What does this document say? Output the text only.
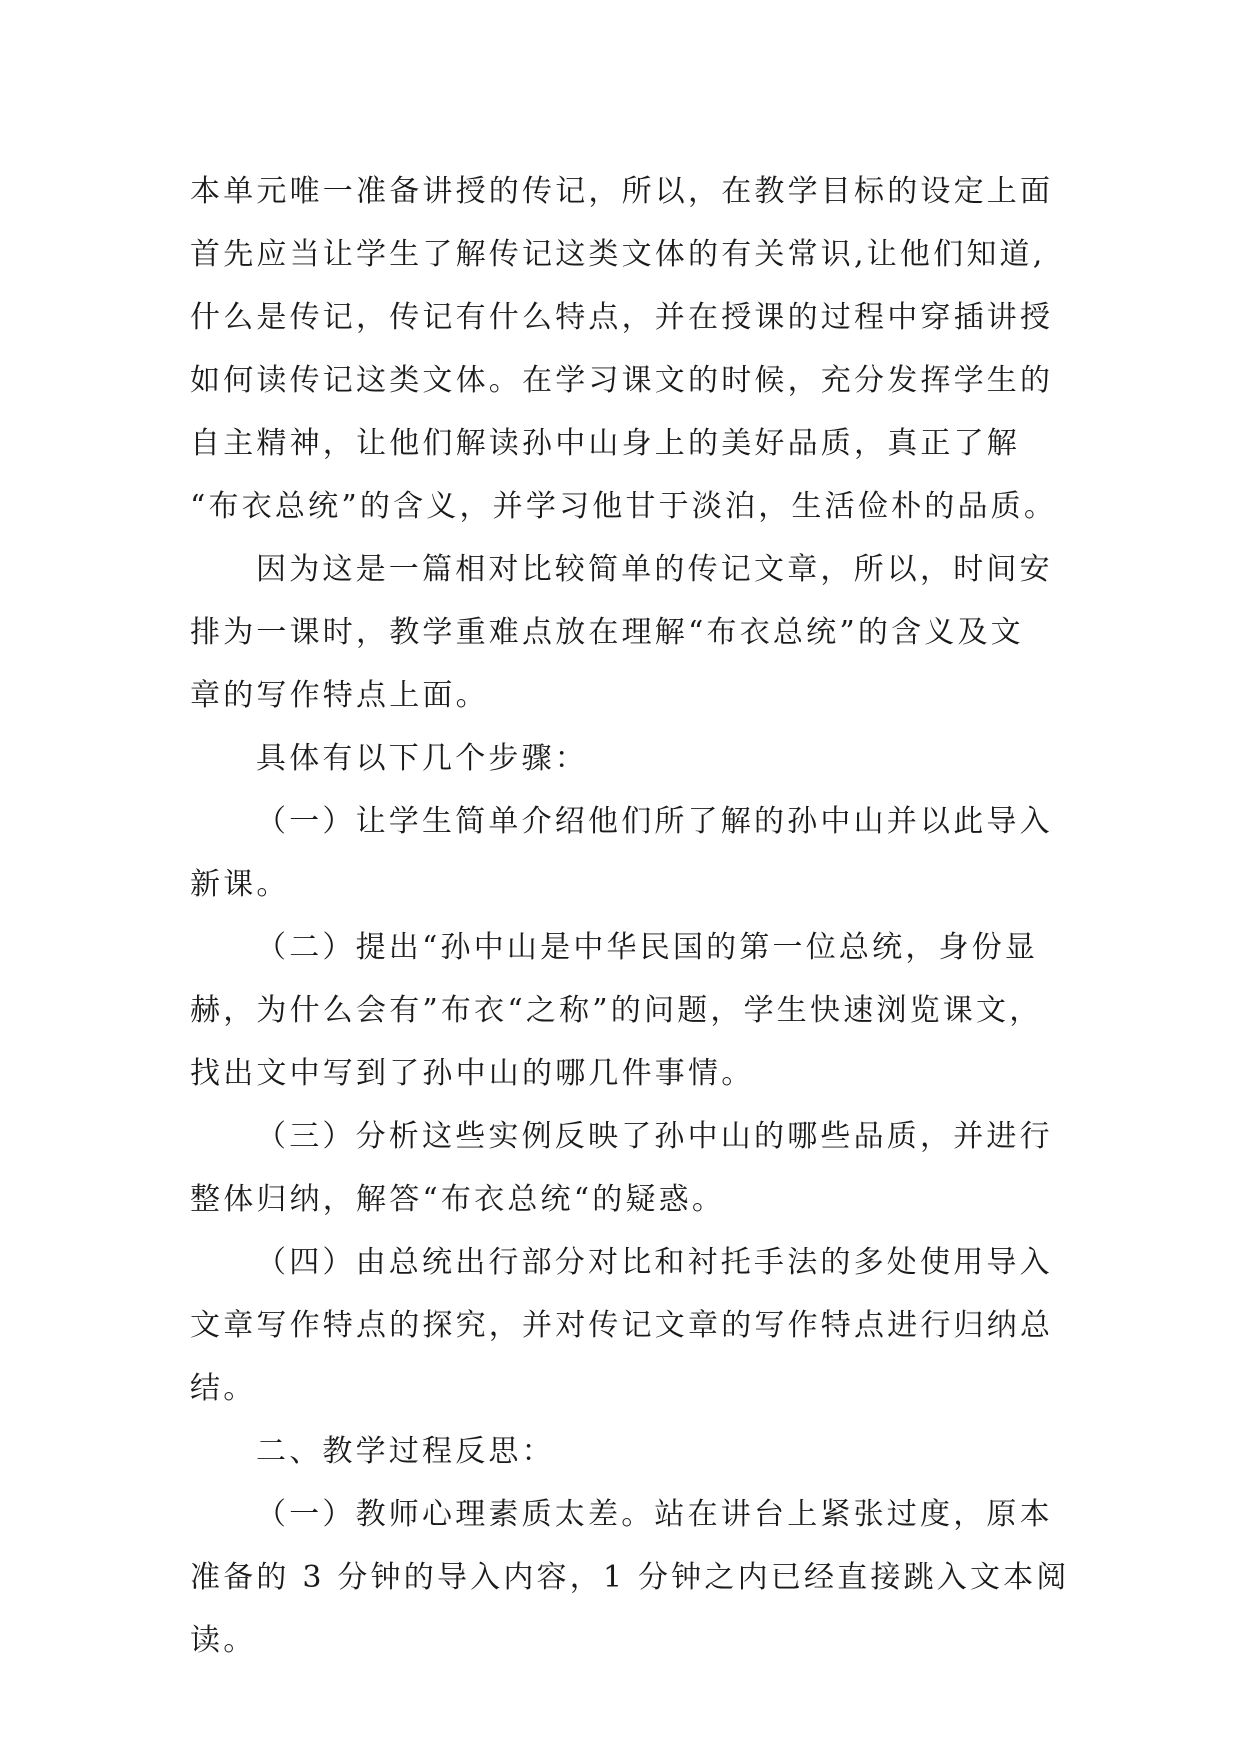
本单元唯一准备讲授的传记，所以，在教学目标的设定上面
首先应当让学生了解传记这类文体的有关常识,让他们知道,
什么是传记，传记有什么特点，并在授课的过程中穿插讲授
如何读传记这类文体。在学习课文的时候，充分发挥学生的
自主精神，让他们解读孙中山身上的美好品质，真正了解
“布衣总统”的含义，并学习他甘于淡泊，生活俭朴的品质。

因为这是一篇相对比较简单的传记文章，所以，时间安
排为一课时，教学重难点放在理解“布衣总统”的含义及文
章的写作特点上面。

具体有以下几个步骤：

（一）让学生简单介绍他们所了解的孙中山并以此导入
新课。

（二）提出“孙中山是中华民国的第一位总统，身份显
赫，为什么会有”布衣“之称”的问题，学生快速浏览课文，
找出文中写到了孙中山的哪几件事情。

（三）分析这些实例反映了孙中山的哪些品质，并进行
整体归纳，解答“布衣总统“的疑惑。

（四）由总统出行部分对比和衬托手法的多处使用导入
文章写作特点的探究，并对传记文章的写作特点进行归纳总
结。

二、教学过程反思：

（一）教师心理素质太差。站在讲台上紧张过度，原本
准备的 3 分钟的导入内容，1 分钟之内已经直接跳入文本阅
读。
